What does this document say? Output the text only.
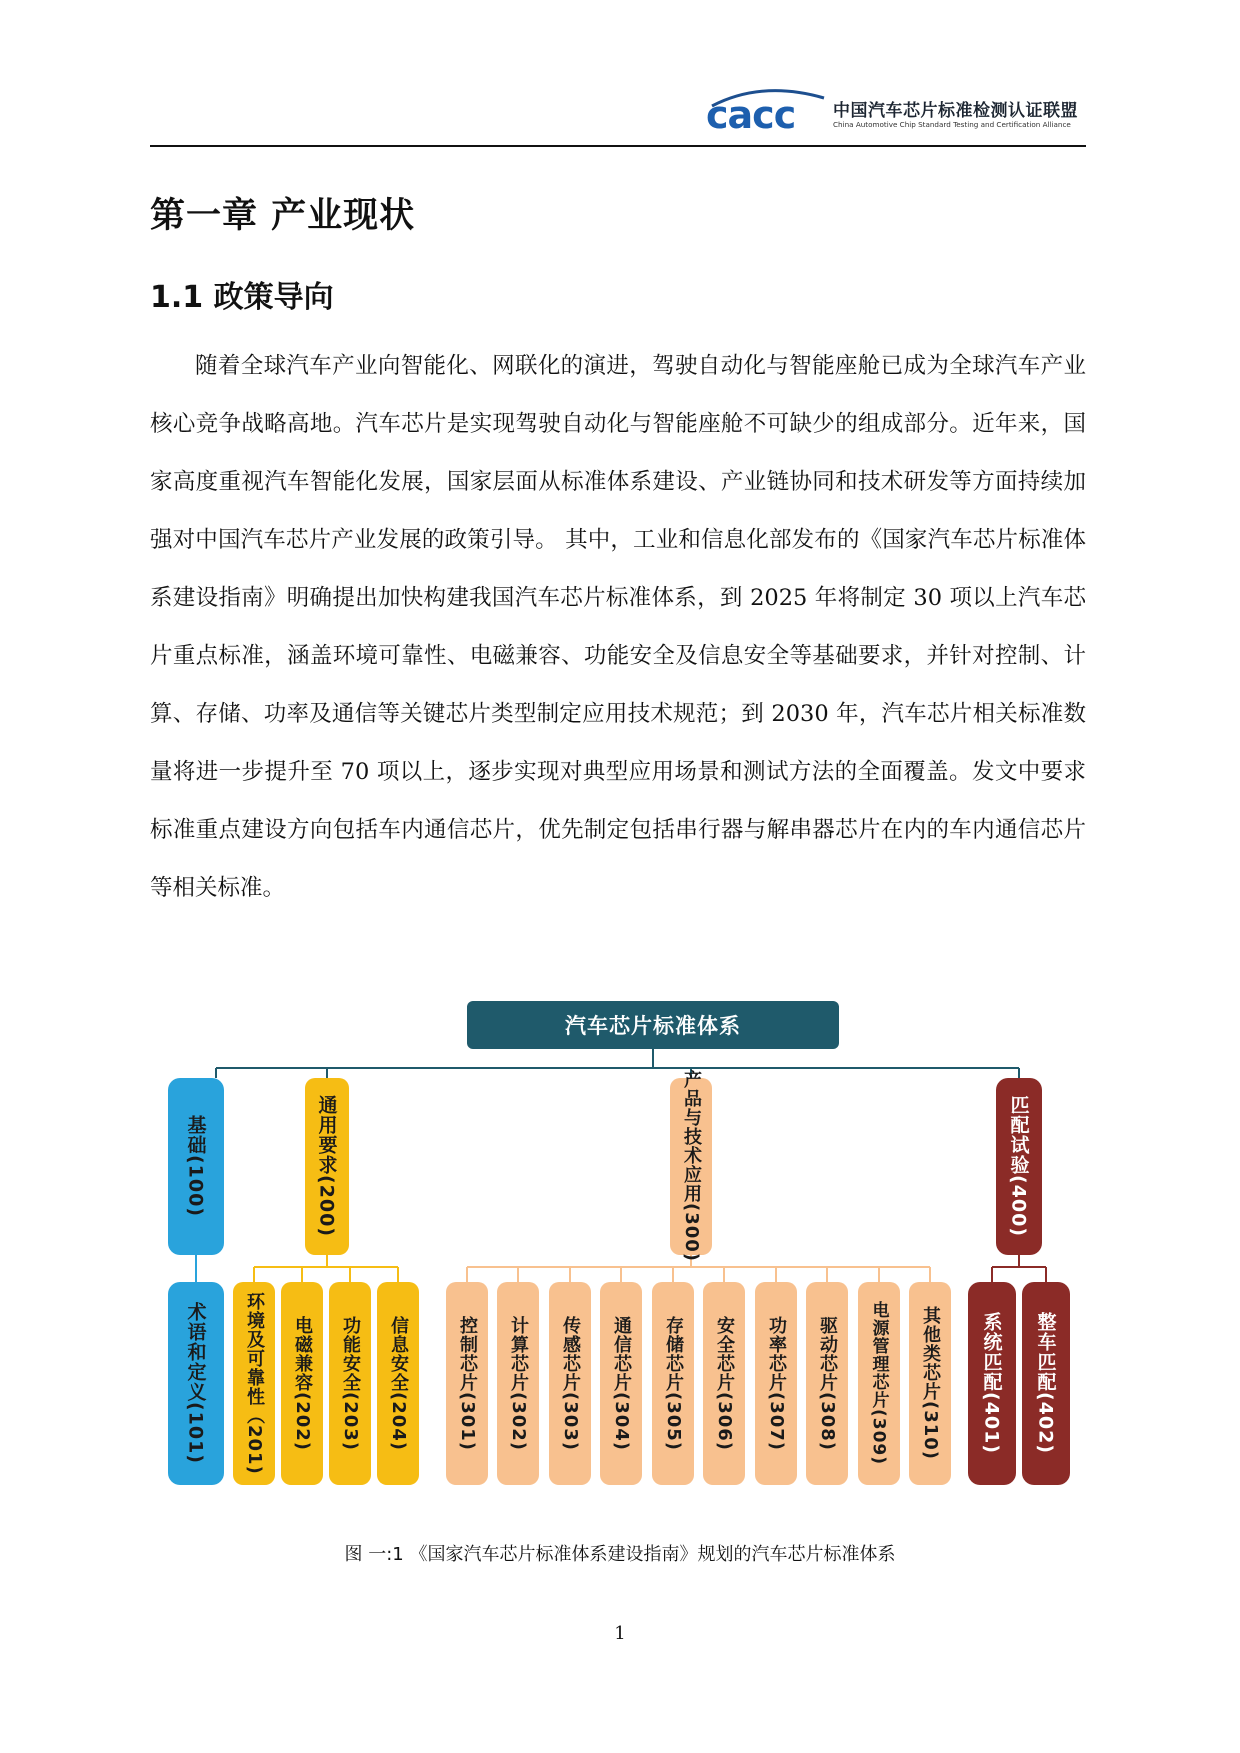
cacc 中国汽车芯片标准检测认证联盟
China Automotive Chip Standard Testing and Certification Alliance
第一章 产业现状
1.1 政策导向

随着全球汽车产业向智能化、网联化的演进，驾驶自动化与智能座舱已成为全球汽车产业核心竞争战略高地。汽车芯片是实现驾驶自动化与智能座舱不可缺少的组成部分。近年来，国家高度重视汽车智能化发展，国家层面从标准体系建设、产业链协同和技术研发等方面持续加强对中国汽车芯片产业发展的政策引导。 其中，工业和信息化部发布的《国家汽车芯片标准体系建设指南》明确提出加快构建我国汽车芯片标准体系，到 2025 年将制定 30 项以上汽车芯片重点标准，涵盖环境可靠性、电磁兼容、功能安全及信息安全等基础要求，并针对控制、计算、存储、功率及通信等关键芯片类型制定应用技术规范；到 2030 年，汽车芯片相关标准数量将进一步提升至 70 项以上，逐步实现对典型应用场景和测试方法的全面覆盖。发文中要求标准重点建设方向包括车内通信芯片，优先制定包括串行器与解串器芯片在内的车内通信芯片等相关标准。

汽车芯片标准体系
基础(100)	通用要求(200)	产品与技术应用(300)	匹配试验(400)
术语和定义(101) 环境及可靠性（201) 电磁兼容(202) 功能安全(203) 信息安全(204)	控制芯片(301) 计算芯片(302) 传感芯片(303) 通信芯片(304) 存储芯片(305) 安全芯片(306) 功率芯片(307) 驱动芯片(308) 电源管理芯片(309) 其他类芯片(310) 系统匹配(401) 整车匹配(402)

图 一:1 《国家汽车芯片标准体系建设指南》规划的汽车芯片标准体系

1
